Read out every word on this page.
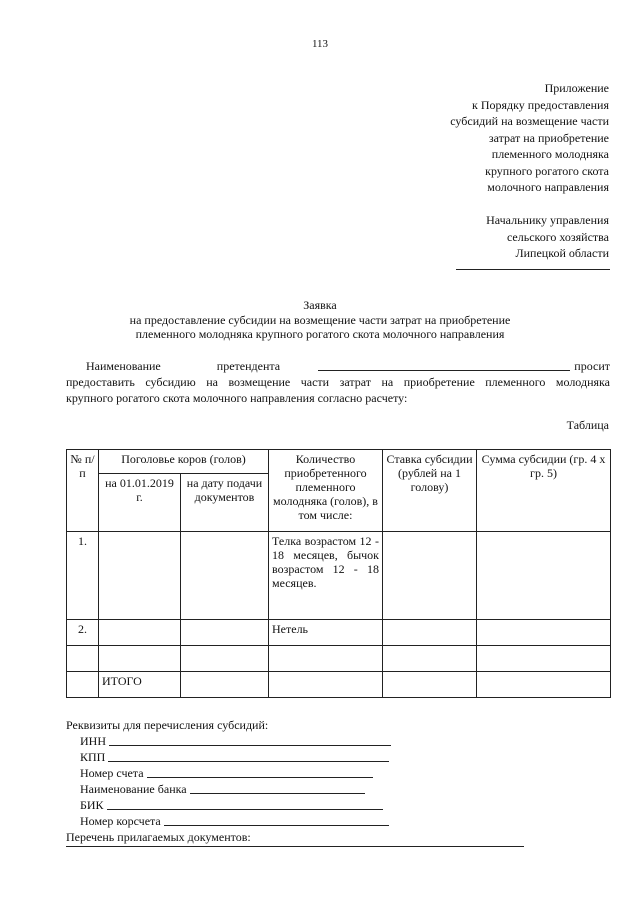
113
Приложение
к Порядку предоставления
субсидий на возмещение части
затрат на приобретение
племенного молодняка
крупного рогатого скота
молочного направления
Начальнику управления
сельского хозяйства
Липецкой области
Заявка
на предоставление субсидии на возмещение части затрат на приобретение
племенного молодняка крупного рогатого скота молочного направления
Наименование	претендента	просит
предоставить субсидию на возмещение части затрат на приобретение племенного молодняка
крупного рогатого скота молочного направления согласно расчету:
Таблица
№ п/п	Поголовье коров (голов)		Количество приобретенного племенного молодняка (голов), в том числе:	Ставка субсидии (рублей на 1 голову)	Сумма субсидии (гр. 4 х гр. 5)
	на 01.01.2019 г.	на дату подачи документов			
1.			Телка возрастом 12 - 18 месяцев, бычок возрастом 12 - 18 месяцев.		
2.			Нетель		

	ИТОГО				
Реквизиты для перечисления субсидий:
ИНН
КПП
Номер счета
Наименование банка
БИК
Номер корсчета
Перечень прилагаемых документов:
